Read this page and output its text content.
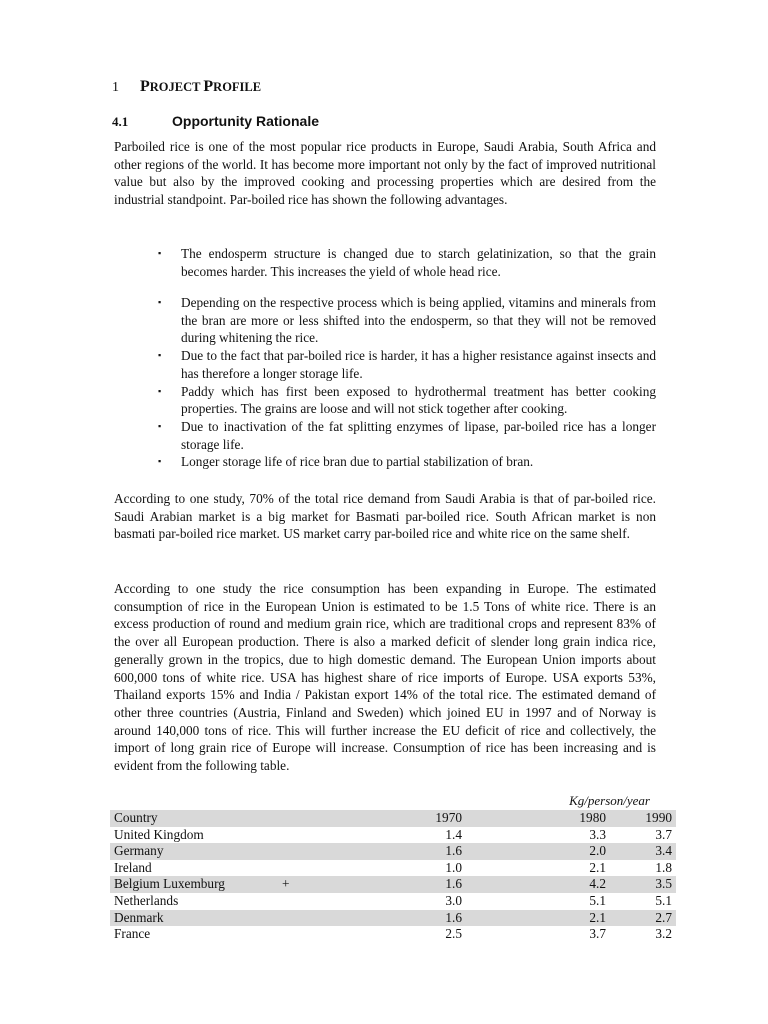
1 PROJECT PROFILE
4.1	Opportunity Rationale

Parboiled rice is one of the most popular rice products in Europe, Saudi Arabia, South Africa and other regions of the world. It has become more important not only by the fact of improved nutritional value but also by the improved cooking and processing properties which are desired from the industrial standpoint. Par-boiled rice has shown the following advantages.

▪ The endosperm structure is changed due to starch gelatinization, so that the grain becomes harder. This increases the yield of whole head rice.
▪ Depending on the respective process which is being applied, vitamins and minerals from the bran are more or less shifted into the endosperm, so that they will not be removed during whitening the rice.
▪ Due to the fact that par-boiled rice is harder, it has a higher resistance against insects and has therefore a longer storage life.
▪ Paddy which has first been exposed to hydrothermal treatment has better cooking properties. The grains are loose and will not stick together after cooking.
▪ Due to inactivation of the fat splitting enzymes of lipase, par-boiled rice has a longer storage life.
▪ Longer storage life of rice bran due to partial stabilization of bran.

According to one study, 70% of the total rice demand from Saudi Arabia is that of par-boiled rice. Saudi Arabian market is a big market for Basmati par-boiled rice. South African market is non basmati par-boiled rice market. US market carry par-boiled rice and white rice on the same shelf.

According to one study the rice consumption has been expanding in Europe. The estimated consumption of rice in the European Union is estimated to be 1.5 Tons of white rice. There is an excess production of round and medium grain rice, which are traditional crops and represent 83% of the over all European production. There is also a marked deficit of slender long grain indica rice, generally grown in the tropics, due to high domestic demand. The European Union imports about 600,000 tons of white rice. USA has highest share of rice imports of Europe. USA exports 53%, Thailand exports 15% and India / Pakistan export 14% of the total rice. The estimated demand of other three countries (Austria, Finland and Sweden) which joined EU in 1997 and of Norway is around 140,000 tons of rice. This will further increase the EU deficit of rice and collectively, the import of long grain rice of Europe will increase. Consumption of rice has been increasing and is evident from the following table.

Kg/person/year
Country		1970	1980	1990
United Kingdom		1.4	3.3	3.7
Germany		1.6	2.0	3.4
Ireland		1.0	2.1	1.8
Belgium Luxemburg	+	1.6	4.2	3.5
Netherlands		3.0	5.1	5.1
Denmark		1.6	2.1	2.7
France		2.5	3.7	3.2
